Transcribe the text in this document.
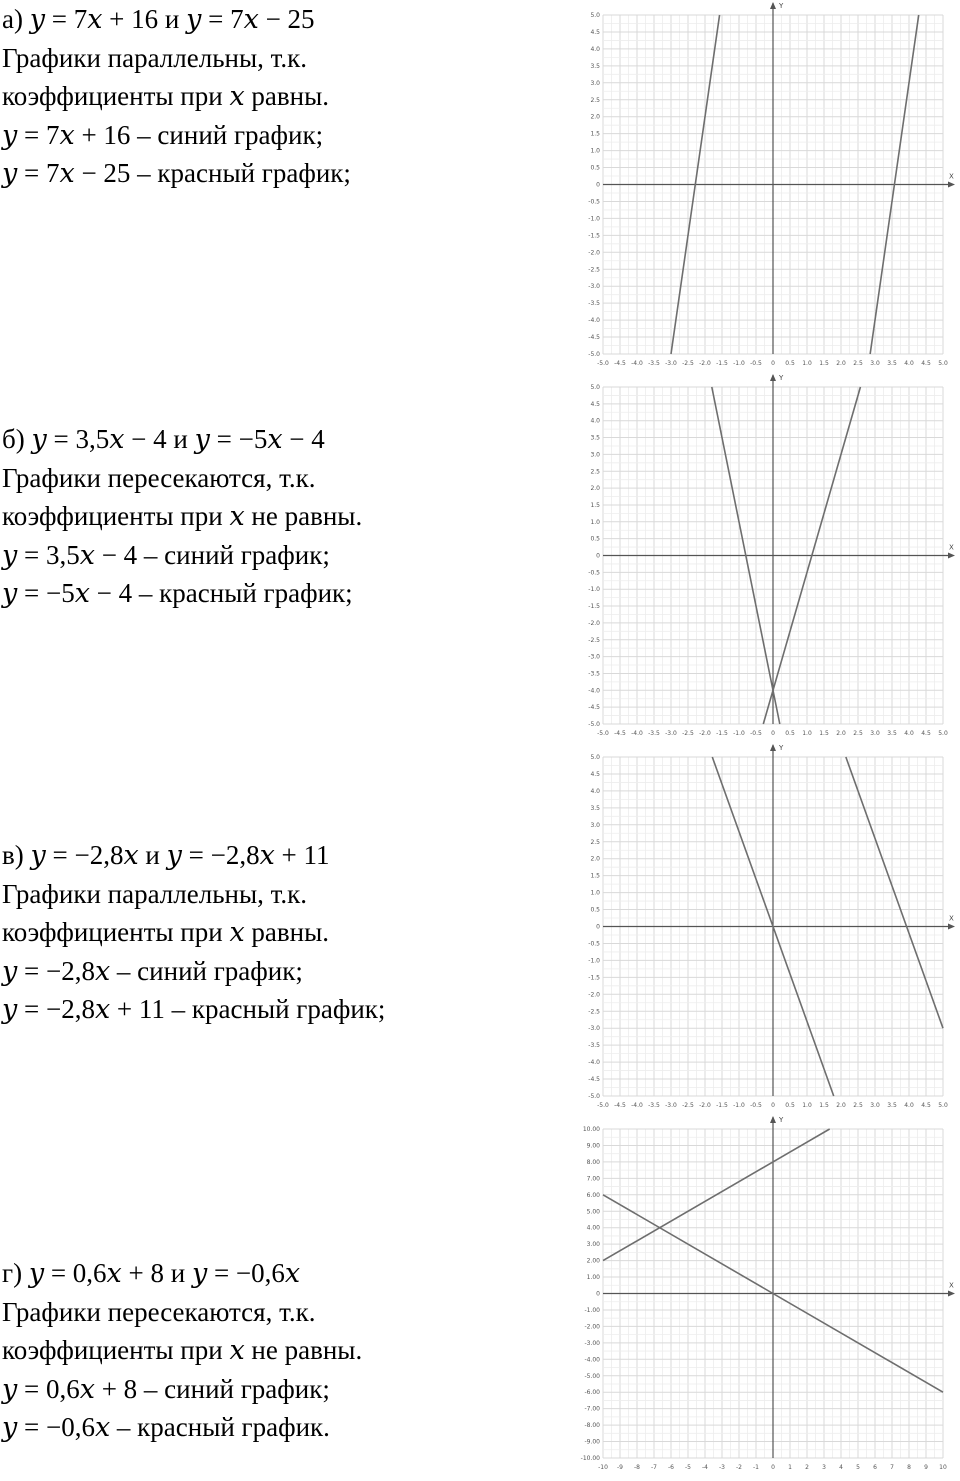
а) 𝑦 = 7𝑥 + 16 и 𝑦 = 7𝑥 − 25
Графики параллельны, т.к.
коэффициенты при 𝑥 равны.
𝑦 = 7𝑥 + 16 – синий график;
𝑦 = 7𝑥 − 25 – красный график;	X
Y
-5.0 -4.5 -4.0 -3.5 -3.0 -2.5 -2.0 -1.5 -1.0 -0.5 0 0.5 1.0 1.5 2.0 2.5 3.0 3.5 4.0 4.5 5.0
5.0
4.5
4.0
3.5
3.0
2.5
2.0
1.5
1.0
0.5
0
-0.5
-1.0
-1.5
-2.0
-2.5
-3.0
-3.5
-4.0
-4.5
-5.0
б) 𝑦 = 3,5𝑥 − 4 и 𝑦 = −5𝑥 − 4
Графики пересекаются, т.к.
коэффициенты при 𝑥 не равны.
𝑦 = 3,5𝑥 − 4 – синий график;
𝑦 = −5𝑥 − 4 – красный график;
X
Y
-5.0 -4.5 -4.0 -3.5 -3.0 -2.5 -2.0 -1.5 -1.0 -0.5 0 0.5 1.0 1.5 2.0 2.5 3.0 3.5 4.0 4.5 5.0
5.0
4.5
4.0
3.5
3.0
2.5
2.0
1.5
1.0
0.5
0
-0.5
-1.0
-1.5
-2.0
-2.5
-3.0
-3.5
-4.0
-4.5
-5.0
в) 𝑦 = −2,8𝑥 и 𝑦 = −2,8𝑥 + 11
Графики параллельны, т.к.
коэффициенты при 𝑥 равны.
𝑦 = −2,8𝑥 – синий график;
𝑦 = −2,8𝑥 + 11 – красный график;
X
Y
-5.0 -4.5 -4.0 -3.5 -3.0 -2.5 -2.0 -1.5 -1.0 -0.5 0 0.5 1.0 1.5 2.0 2.5 3.0 3.5 4.0 4.5 5.0
5.0
4.5
4.0
3.5
3.0
2.5
2.0
1.5
1.0
0.5
0
-0.5
-1.0
-1.5
-2.0
-2.5
-3.0
-3.5
-4.0
-4.5
-5.0
г) 𝑦 = 0,6𝑥 + 8 и 𝑦 = −0,6𝑥
Графики пересекаются, т.к.
коэффициенты при 𝑥 не равны.
𝑦 = 0,6𝑥 + 8 – синий график;
𝑦 = −0,6𝑥 – красный график.
X
Y
-10 -9 -8 -7 -6 -5 -4 -3 -2 -1 0 1 2 3 4 5 6 7 8 9 10
10.00
9.00
8.00
7.00
6.00
5.00
4.00
3.00
2.00
1.00
0
-1.00
-2.00
-3.00
-4.00
-5.00
-6.00
-7.00
-8.00
-9.00
-10.00
